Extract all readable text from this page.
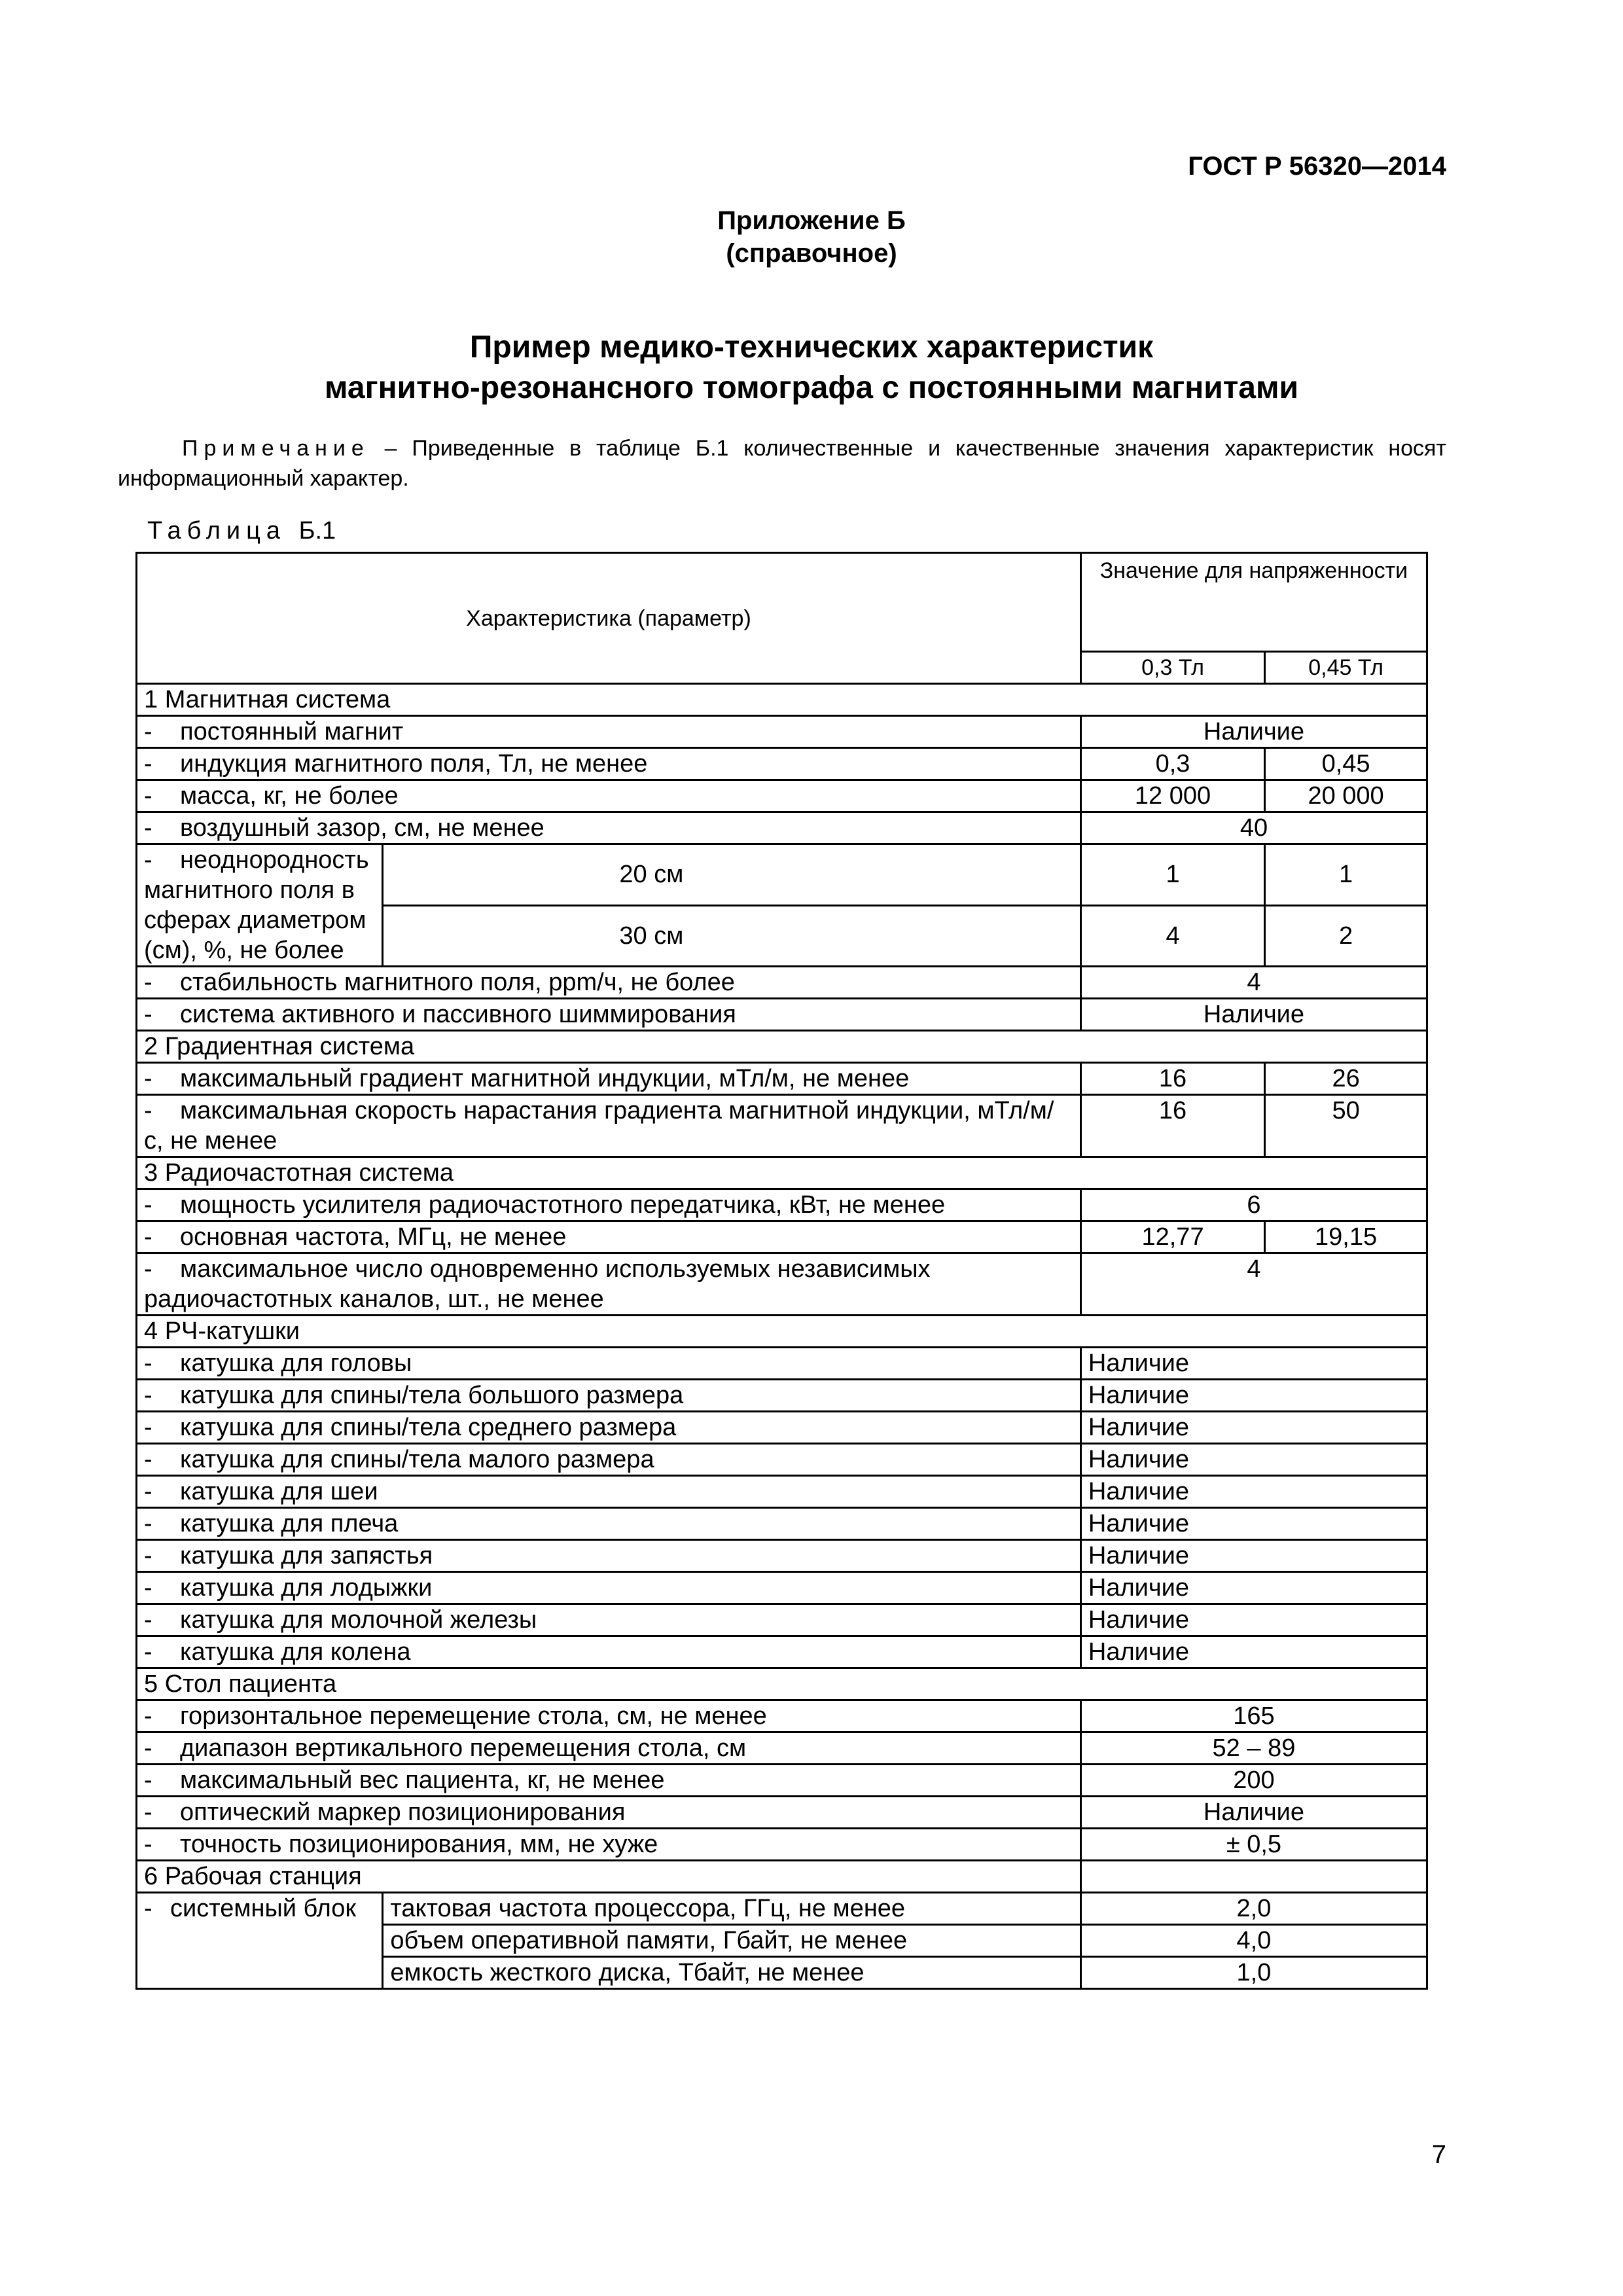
ГОСТ Р 56320—2014
Приложение Б
(справочное)
Пример медико-технических характеристик
магнитно-резонансного томографа с постоянными магнитами
Примечание – Приведенные в таблице Б.1 количественные и качественные значения характеристик носят информационный характер.
Таблица Б.1
Характеристика (параметр)		Значение для напряженности	
		0,3 Тл	0,45 Тл
1 Магнитная система			
- постоянный магнит		Наличие	
- индукция магнитного поля, Тл, не менее		0,3	0,45
- масса, кг, не более		12 000	20 000
- воздушный зазор, см, не менее		40	
- неоднородность магнитного поля в сферах диаметром (см), %, не более	20 см	1	1
	30 см	4	2
- стабильность магнитного поля, ppm/ч, не более		4	
- система активного и пассивного шиммирования		Наличие	
2 Градиентная система			
- максимальный градиент магнитной индукции, мТл/м, не менее		16	26
- максимальная скорость нарастания градиента магнитной индукции, мТл/м/с, не менее		16	50
3 Радиочастотная система			
- мощность усилителя радиочастотного передатчика, кВт, не менее		6	
- основная частота, МГц, не менее		12,77	19,15
- максимальное число одновременно используемых независимых радиочастотных каналов, шт., не менее		4	
4 РЧ-катушки			
- катушка для головы		Наличие	
- катушка для спины/тела большого размера		Наличие	
- катушка для спины/тела среднего размера		Наличие	
- катушка для спины/тела малого размера		Наличие	
- катушка для шеи		Наличие	
- катушка для плеча		Наличие	
- катушка для запястья		Наличие	
- катушка для лодыжки		Наличие	
- катушка для молочной железы		Наличие	
- катушка для колена		Наличие	
5 Стол пациента			
- горизонтальное перемещение стола, см, не менее		165	
- диапазон вертикального перемещения стола, см		52 – 89	
- максимальный вес пациента, кг, не менее		200	
- оптический маркер позиционирования		Наличие	
- точность позиционирования, мм, не хуже		± 0,5	
6 Рабочая станция			
- системный блок	тактовая частота процессора, ГГц, не менее	2,0	
	объем оперативной памяти, Гбайт, не менее	4,0	
	емкость жесткого диска, Тбайт, не менее	1,0	
7
